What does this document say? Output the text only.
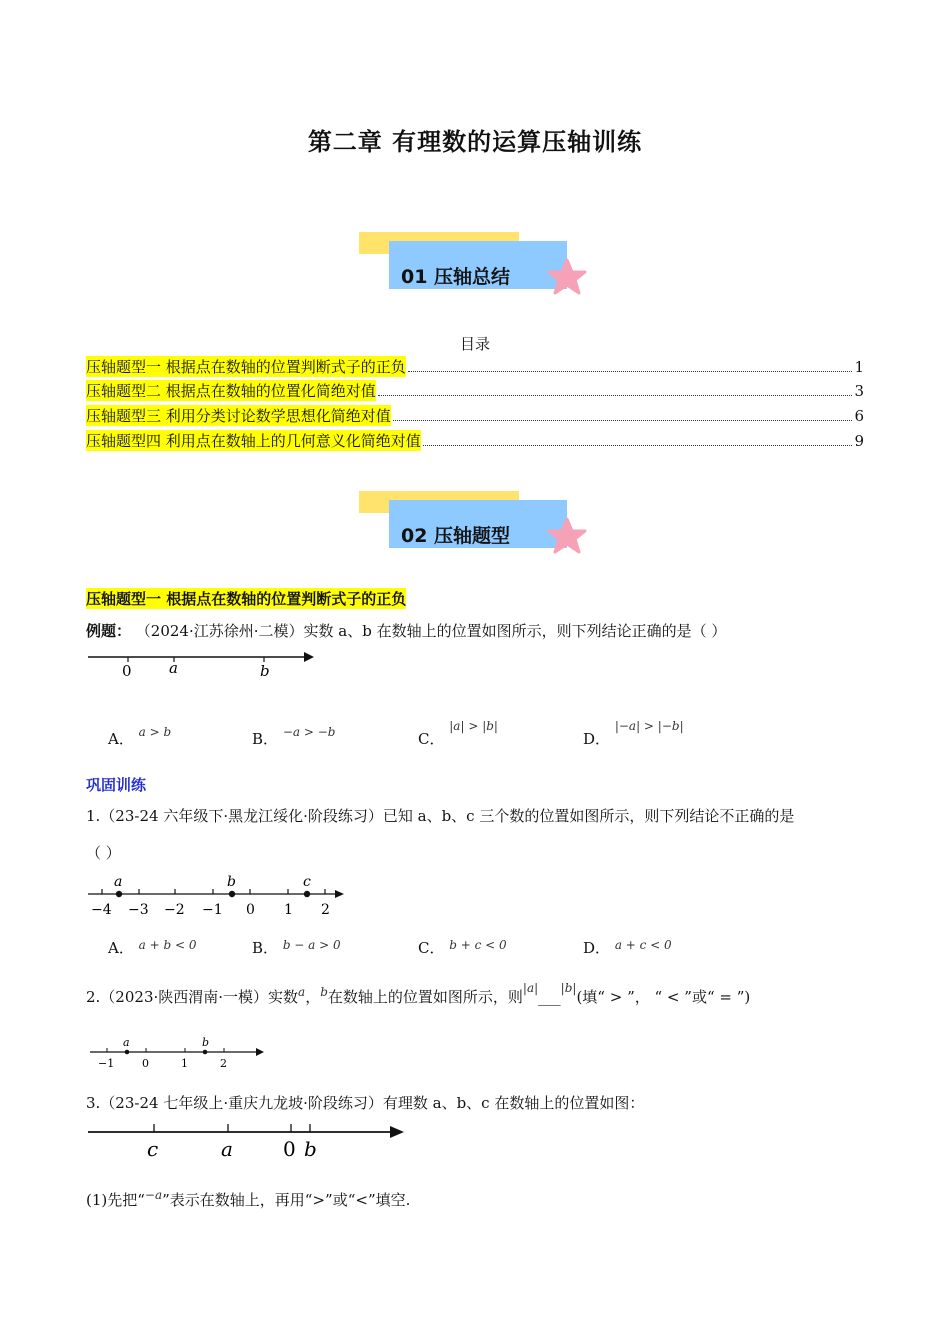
第二章 有理数的运算压轴训练
01 压轴总结
目录
压轴题型一 根据点在数轴的位置判断式子的正负	1
压轴题型二 根据点在数轴的位置化简绝对值	3
压轴题型三 利用分类讨论数学思想化简绝对值	6
压轴题型四 利用点在数轴上的几何意义化简绝对值	9
02 压轴题型
压轴题型一 根据点在数轴的位置判断式子的正负
例题： （2024·江苏徐州·二模）实数 a、b 在数轴上的位置如图所示，则下列结论正确的是（ ）
0 a	b
A． $^{a > b}$	B． $^{-a > -b}$	C． $^{|a| > |b|}$
D． $^{|-a| > |-b|}$
巩固训练
1.（23-24 六年级下·黑龙江绥化·阶段练习）已知 a、b、c 三个数的位置如图所示，则下列结论不正确的是
（ ）
a	b	c
−4 −3 −2 −1 0 1 2
A． $^{a + b < 0}$	B． $^{b - a > 0}$	C． $^{b + c < 0}$	D． $^{a + c < 0}$
2.（2023·陕西渭南·一模）实数$^a$，$^b$在数轴上的位置如图所示，则$^{|a|}$___$^{|b|}$(填“ > ”， “ < ”或“ = ”)
a	b
−1	0	1	2
3.（23-24 七年级上·重庆九龙坡·阶段练习）有理数 a、b、c 在数轴上的位置如图：
c	a	0 b
(1)先把“$^{-a}$”表示在数轴上，再用“>”或“<”填空.
